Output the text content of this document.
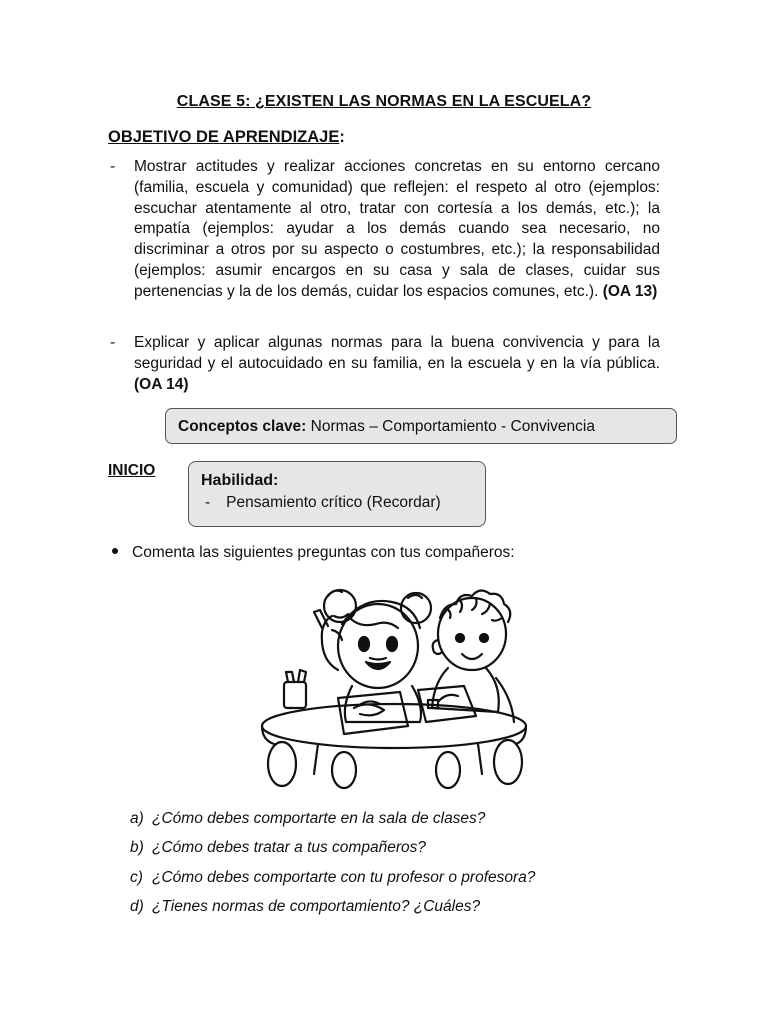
CLASE 5: ¿EXISTEN LAS NORMAS EN LA ESCUELA?
OBJETIVO DE APRENDIZAJE:
- Mostrar actitudes y realizar acciones concretas en su entorno cercano (familia, escuela y comunidad) que reflejen: el respeto al otro (ejemplos: escuchar atentamente al otro, tratar con cortesía a los demás, etc.); la empatía (ejemplos: ayudar a los demás cuando sea necesario, no discriminar a otros por su aspecto o costumbres, etc.); la responsabilidad (ejemplos: asumir encargos en su casa y sala de clases, cuidar sus pertenencias y la de los demás, cuidar los espacios comunes, etc.). (OA 13)
- Explicar y aplicar algunas normas para la buena convivencia y para la seguridad y el autocuidado en su familia, en la escuela y en la vía pública. (OA 14)
Conceptos clave: Normas – Comportamiento - Convivencia
INICIO
Habilidad:
- Pensamiento crítico (Recordar)
Comenta las siguientes preguntas con tus compañeros:
a) ¿Cómo debes comportarte en la sala de clases?
b) ¿Cómo debes tratar a tus compañeros?
c) ¿Cómo debes comportarte con tu profesor o profesora?
d) ¿Tienes normas de comportamiento? ¿Cuáles?
